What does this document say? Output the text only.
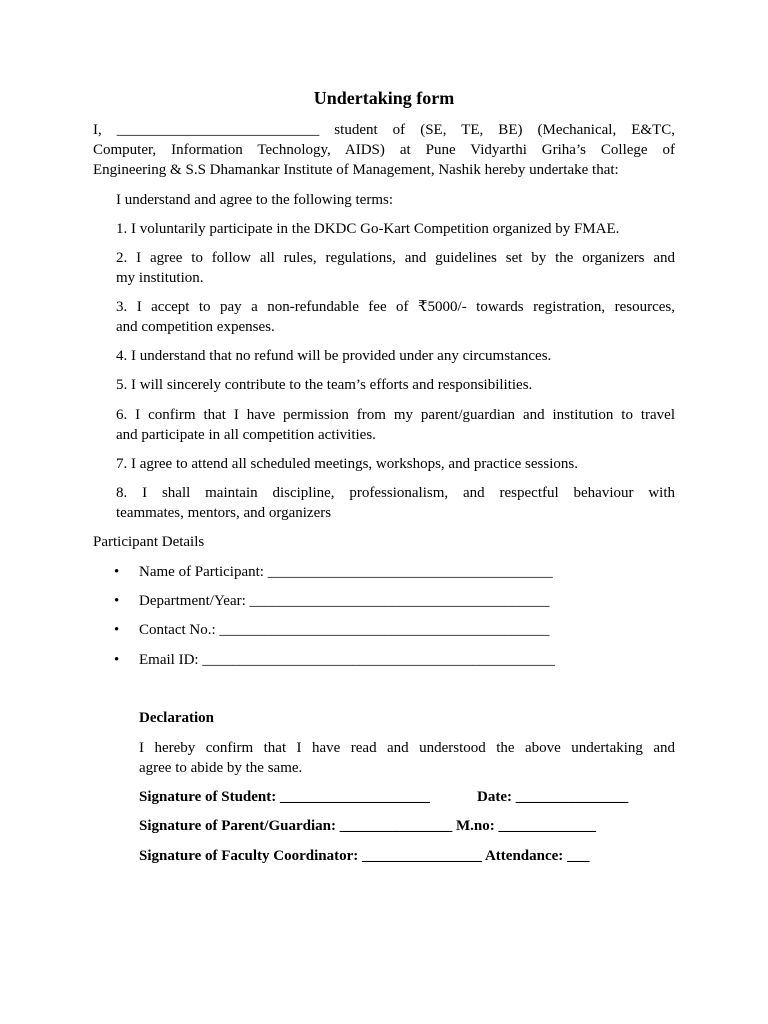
Undertaking form
I, ___________________________ student of (SE, TE, BE) (Mechanical, E&TC,
Computer, Information Technology, AIDS) at Pune Vidyarthi Griha’s College of
Engineering & S.S Dhamankar Institute of Management, Nashik hereby undertake that:
I understand and agree to the following terms:
1. I voluntarily participate in the DKDC Go-Kart Competition organized by FMAE.
2. I agree to follow all rules, regulations, and guidelines set by the organizers and
my institution.
3. I accept to pay a non-refundable fee of ₹5000/- towards registration, resources,
and competition expenses.
4. I understand that no refund will be provided under any circumstances.
5. I will sincerely contribute to the team’s efforts and responsibilities.
6. I confirm that I have permission from my parent/guardian and institution to travel
and participate in all competition activities.
7. I agree to attend all scheduled meetings, workshops, and practice sessions.
8. I shall maintain discipline, professionalism, and respectful behaviour with
teammates, mentors, and organizers
Participant Details
• Name of Participant: ______________________________________
• Department/Year: ________________________________________
• Contact No.: ____________________________________________
• Email ID: _______________________________________________
Declaration
I hereby confirm that I have read and understood the above undertaking and
agree to abide by the same.
Signature of Student: ____________________	Date: _______________
Signature of Parent/Guardian: _______________ M.no: _____________
Signature of Faculty Coordinator: ________________ Attendance: ___
